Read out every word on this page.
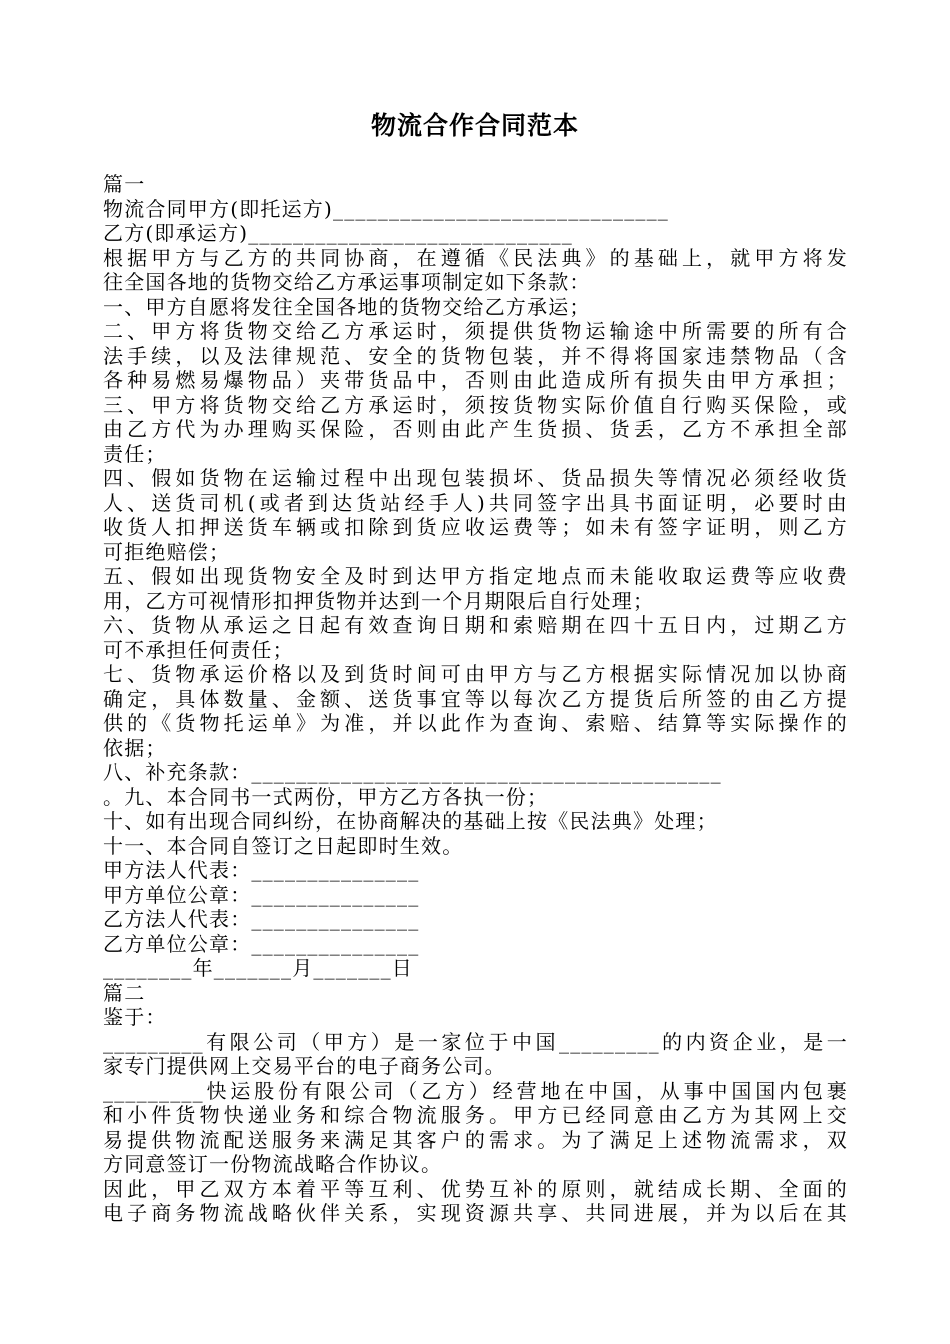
物流合作合同范本
篇一
物流合同甲方(即托运方)______________________________
乙方(即承运方)_____________________________
根据甲方与乙方的共同协商，在遵循《民法典》的基础上，就甲方将发
往全国各地的货物交给乙方承运事项制定如下条款：
一、甲方自愿将发往全国各地的货物交给乙方承运；
二、甲方将货物交给乙方承运时，须提供货物运输途中所需要的所有合
法手续，以及法律规范、安全的货物包装，并不得将国家违禁物品（含
各种易燃易爆物品）夹带货品中，否则由此造成所有损失由甲方承担；
三、甲方将货物交给乙方承运时，须按货物实际价值自行购买保险，或
由乙方代为办理购买保险，否则由此产生货损、货丢，乙方不承担全部
责任；
四、假如货物在运输过程中出现包装损坏、货品损失等情况必须经收货
人、送货司机(或者到达货站经手人)共同签字出具书面证明，必要时由
收货人扣押送货车辆或扣除到货应收运费等；如未有签字证明，则乙方
可拒绝赔偿；
五、假如出现货物安全及时到达甲方指定地点而未能收取运费等应收费
用，乙方可视情形扣押货物并达到一个月期限后自行处理；
六、货物从承运之日起有效查询日期和索赔期在四十五日内，过期乙方
可不承担任何责任；
七、货物承运价格以及到货时间可由甲方与乙方根据实际情况加以协商
确定，具体数量、金额、送货事宜等以每次乙方提货后所签的由乙方提
供的《货物托运单》为准，并以此作为查询、索赔、结算等实际操作的
依据；
八、补充条款：__________________________________________
。九、本合同书一式两份，甲方乙方各执一份；
十、如有出现合同纠纷，在协商解决的基础上按《民法典》处理；
十一、本合同自签订之日起即时生效。
甲方法人代表：_______________
甲方单位公章：_______________
乙方法人代表：_______________
乙方单位公章：_______________
________年_______月_______日
篇二
鉴于：
_________有限公司（甲方）是一家位于中国_________的内资企业，是一
家专门提供网上交易平台的电子商务公司。
_________快运股份有限公司（乙方）经营地在中国，从事中国国内包裹
和小件货物快递业务和综合物流服务。甲方已经同意由乙方为其网上交
易提供物流配送服务来满足其客户的需求。为了满足上述物流需求，双
方同意签订一份物流战略合作协议。
因此，甲乙双方本着平等互利、优势互补的原则，就结成长期、全面的
电子商务物流战略伙伴关系，实现资源共享、共同进展，并为以后在其
